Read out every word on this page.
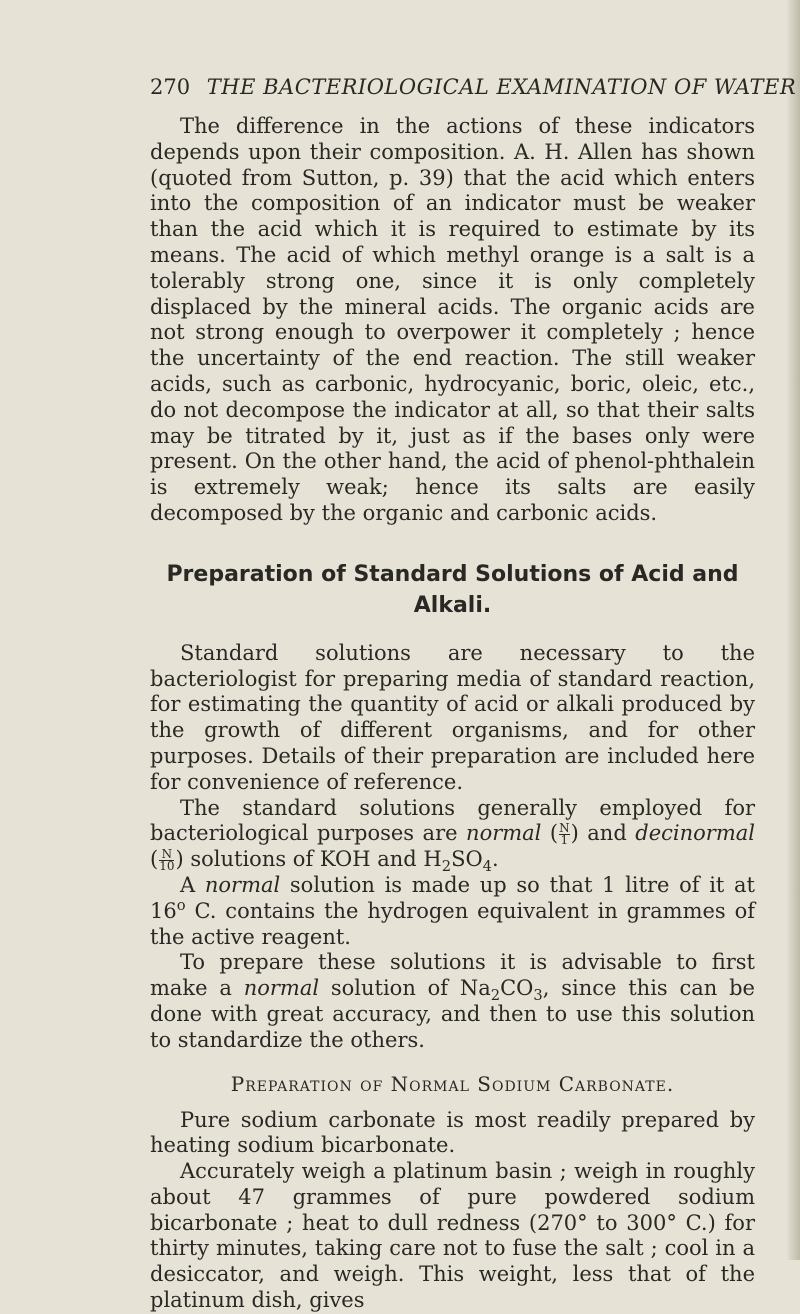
270 THE BACTERIOLOGICAL EXAMINATION OF WATER

The difference in the actions of these indicators depends upon their composition. A. H. Allen has shown (quoted from Sutton, p. 39) that the acid which enters into the composition of an indicator must be weaker than the acid which it is required to estimate by its means. The acid of which methyl orange is a salt is a tolerably strong one, since it is only completely displaced by the mineral acids. The organic acids are not strong enough to overpower it completely ; hence the uncertainty of the end reaction. The still weaker acids, such as carbonic, hydrocyanic, boric, oleic, etc., do not decompose the indicator at all, so that their salts may be titrated by it, just as if the bases only were present. On the other hand, the acid of phenol-phthalein is extremely weak; hence its salts are easily decomposed by the organic and carbonic acids.

Preparation of Standard Solutions of Acid and Alkali.

Standard solutions are necessary to the bacteriologist for preparing media of standard reaction, for estimating the quantity of acid or alkali produced by the growth of different organisms, and for other purposes. Details of their preparation are included here for convenience of reference.

The standard solutions generally employed for bacteriological purposes are normal ( $\frac{N}{1}$ ) and decinormal ( $\frac{N}{10}$ ) solutions of KOH and $H_2SO_4$.

A normal solution is made up so that 1 litre of it at 16$^o$ C. contains the hydrogen equivalent in grammes of the active reagent.

To prepare these solutions it is advisable to first make a normal solution of $Na_2CO_3$, since this can be done with great accuracy, and then to use this solution to standardize the others.

Preparation of Normal Sodium Carbonate.

Pure sodium carbonate is most readily prepared by heating sodium bicarbonate.

Accurately weigh a platinum basin ; weigh in roughly about 47 grammes of pure powdered sodium bicarbonate ; heat to dull redness (270° to 300° C.) for thirty minutes, taking care not to fuse the salt ; cool in a desiccator, and weigh. This weight, less that of the platinum dish, gives
